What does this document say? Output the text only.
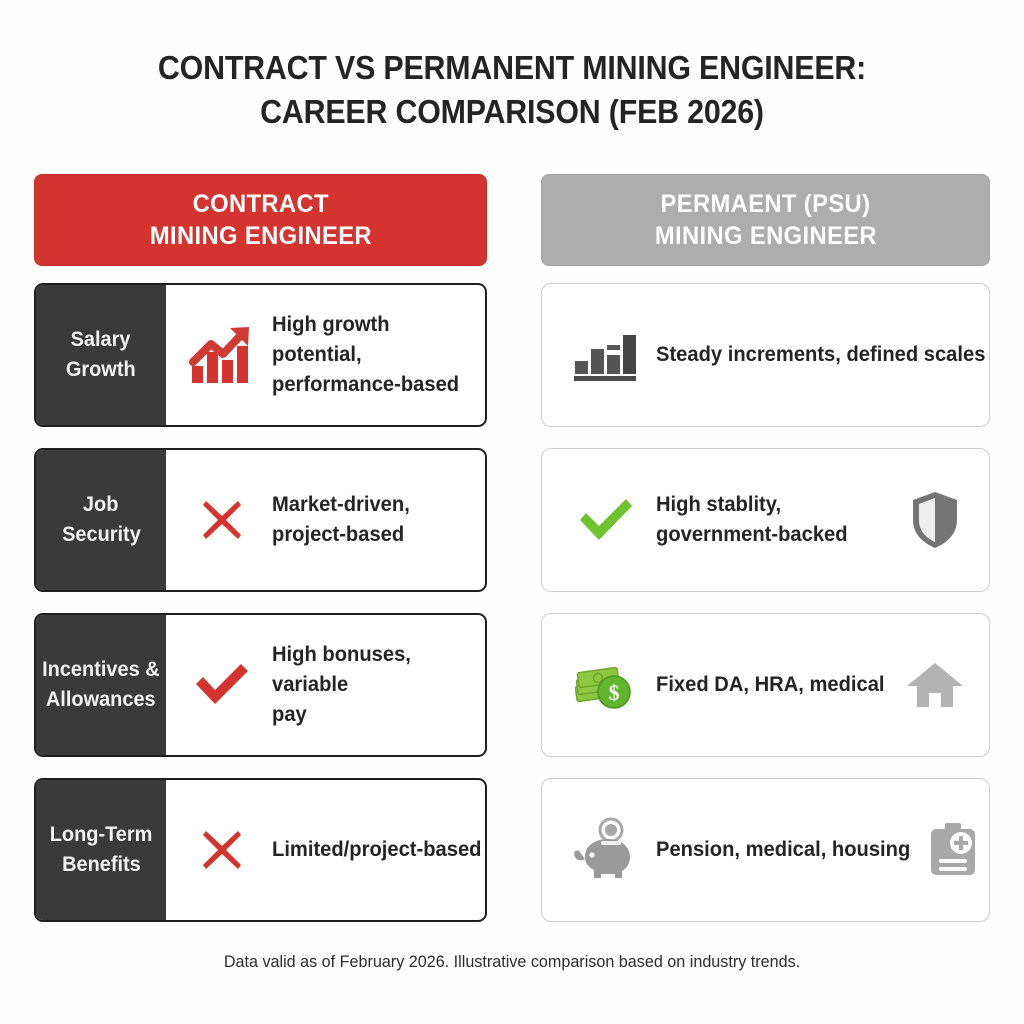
CONTRACT VS PERMANENT MINING ENGINEER:
CAREER COMPARISON (FEB 2026)
CONTRACT
MINING ENGINEER
PERMAENT (PSU)
MINING ENGINEER
Salary
Growth
High growth potential,
performance-based
Steady increments, defined scales
Job
Security
Market-driven,
project-based
High stablity,
government-backed
Incentives &
Allowances
High bonuses, variable
pay
$ Fixed DA, HRA, medical
Long-Term
Benefits
Limited/project-based	Pension, medical, housing
Data valid as of February 2026. Illustrative comparison based on industry trends.
